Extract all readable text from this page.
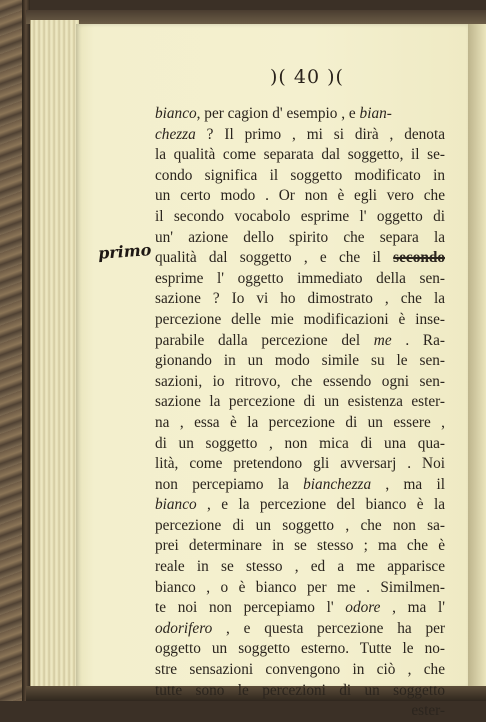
)( 40 )(
primo
bianco, per cagion d' esempio , e bian-
chezza ? Il primo , mi si dirà , denota
la qualità come separata dal soggetto, il se-
condo significa il soggetto modificato in
un certo modo . Or non è egli vero che
il secondo vocabolo esprime l' oggetto di
un' azione dello spirito che separa la
qualità dal soggetto , e che il secondo
esprime l' oggetto immediato della sen-
sazione ? Io vi ho dimostrato , che la
percezione delle mie modificazioni è inse-
parabile dalla percezione del me . Ra-
gionando in un modo simile su le sen-
sazioni, io ritrovo, che essendo ogni sen-
sazione la percezione di un esistenza ester-
na , essa è la percezione di un essere ,
di un soggetto , non mica di una qua-
lità, come pretendono gli avversarj . Noi
non percepiamo la bianchezza , ma il
bianco , e la percezione del bianco è la
percezione di un soggetto , che non sa-
prei determinare in se stesso ; ma che è
reale in se stesso , ed a me apparisce
bianco , o è bianco per me . Similmen-
te noi non percepiamo l' odore , ma l'
odorifero , e questa percezione ha per
oggetto un soggetto esterno. Tutte le no-
stre sensazioni convengono in ciò , che
tutte sono le percezioni di un soggetto
ester-
